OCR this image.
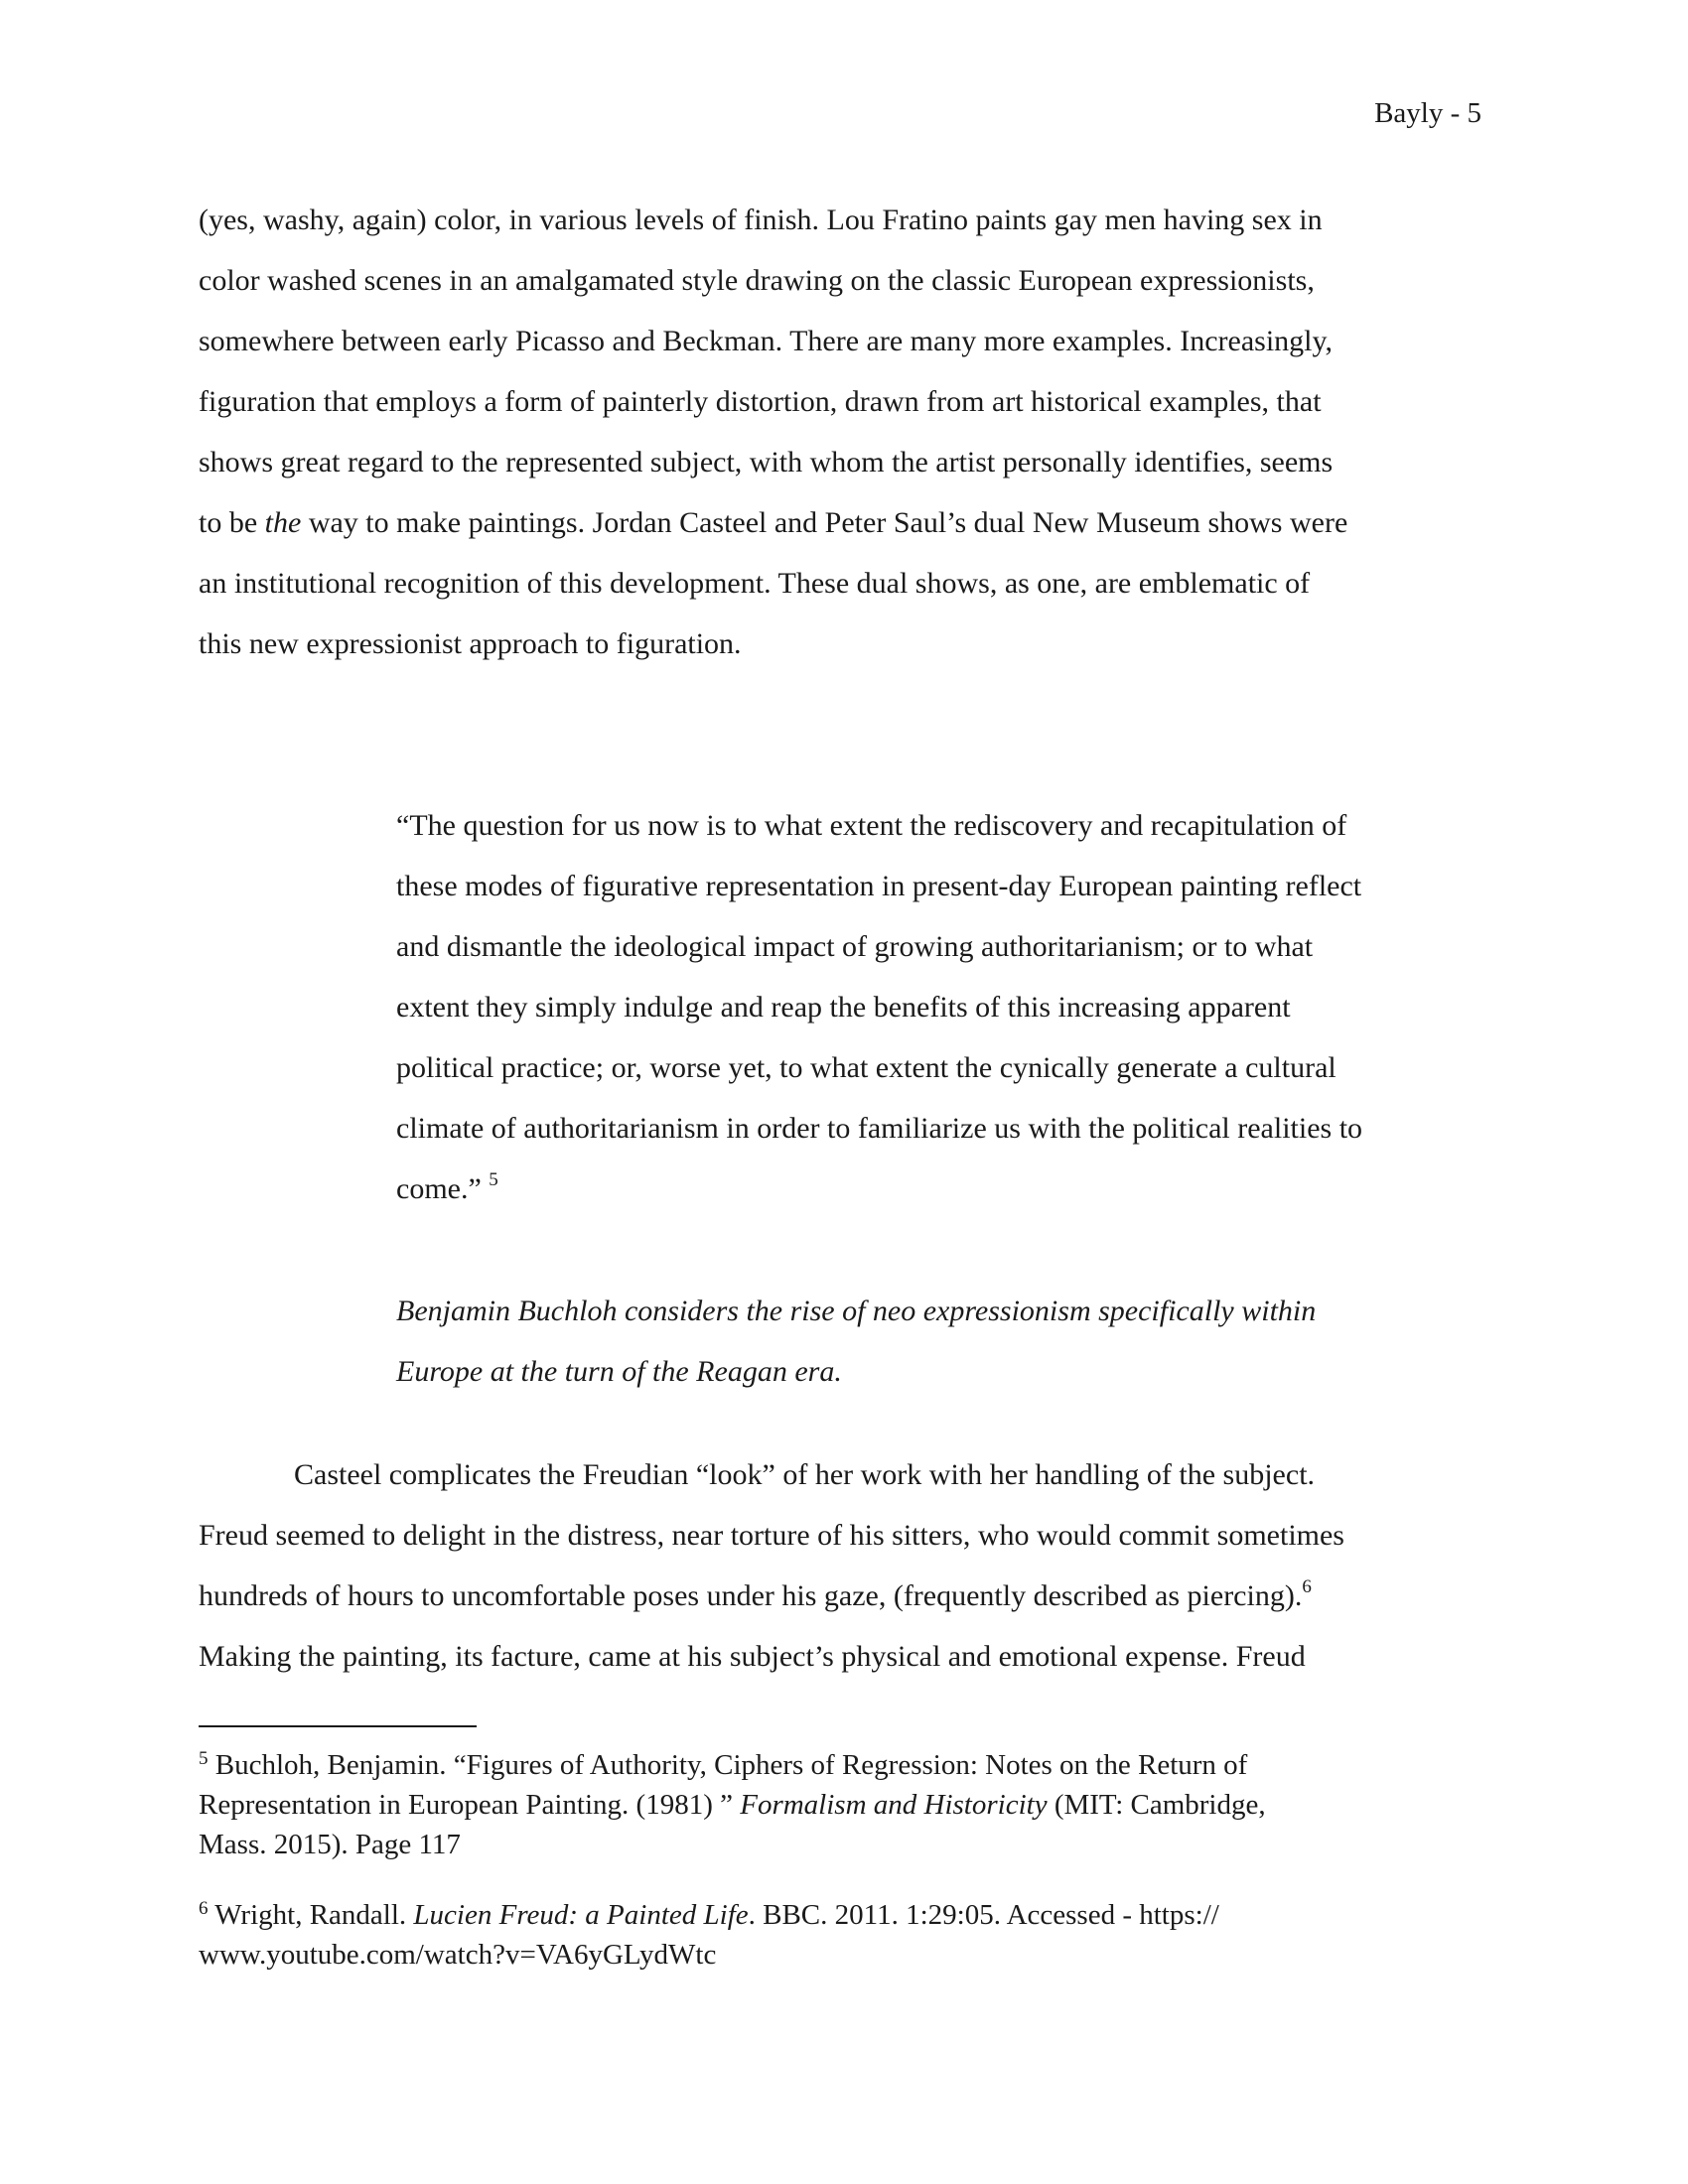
Bayly - 5
(yes, washy, again) color, in various levels of finish. Lou Fratino paints gay men having sex in
color washed scenes in an amalgamated style drawing on the classic European expressionists,
somewhere between early Picasso and Beckman. There are many more examples. Increasingly,
figuration that employs a form of painterly distortion, drawn from art historical examples, that
shows great regard to the represented subject, with whom the artist personally identifies, seems
to be the way to make paintings. Jordan Casteel and Peter Saul’s dual New Museum shows were
an institutional recognition of this development. These dual shows, as one, are emblematic of
this new expressionist approach to figuration.
“The question for us now is to what extent the rediscovery and recapitulation of
these modes of figurative representation in present-day European painting reflect
and dismantle the ideological impact of growing authoritarianism; or to what
extent they simply indulge and reap the benefits of this increasing apparent
political practice; or, worse yet, to what extent the cynically generate a cultural
climate of authoritarianism in order to familiarize us with the political realities to
come.” $^5$
Benjamin Buchloh considers the rise of neo expressionism specifically within
Europe at the turn of the Reagan era.
Casteel complicates the Freudian “look” of her work with her handling of the subject.
Freud seemed to delight in the distress, near torture of his sitters, who would commit sometimes
hundreds of hours to uncomfortable poses under his gaze, (frequently described as piercing).$^6$
Making the painting, its facture, came at his subject’s physical and emotional expense. Freud
$^5$ Buchloh, Benjamin. “Figures of Authority, Ciphers of Regression: Notes on the Return of
Representation in European Painting. (1981) ” Formalism and Historicity (MIT: Cambridge,
Mass. 2015). Page 117
$^6$ Wright, Randall. Lucien Freud: a Painted Life. BBC. 2011. 1:29:05. Accessed - https://
www.youtube.com/watch?v=VA6yGLydWtc
